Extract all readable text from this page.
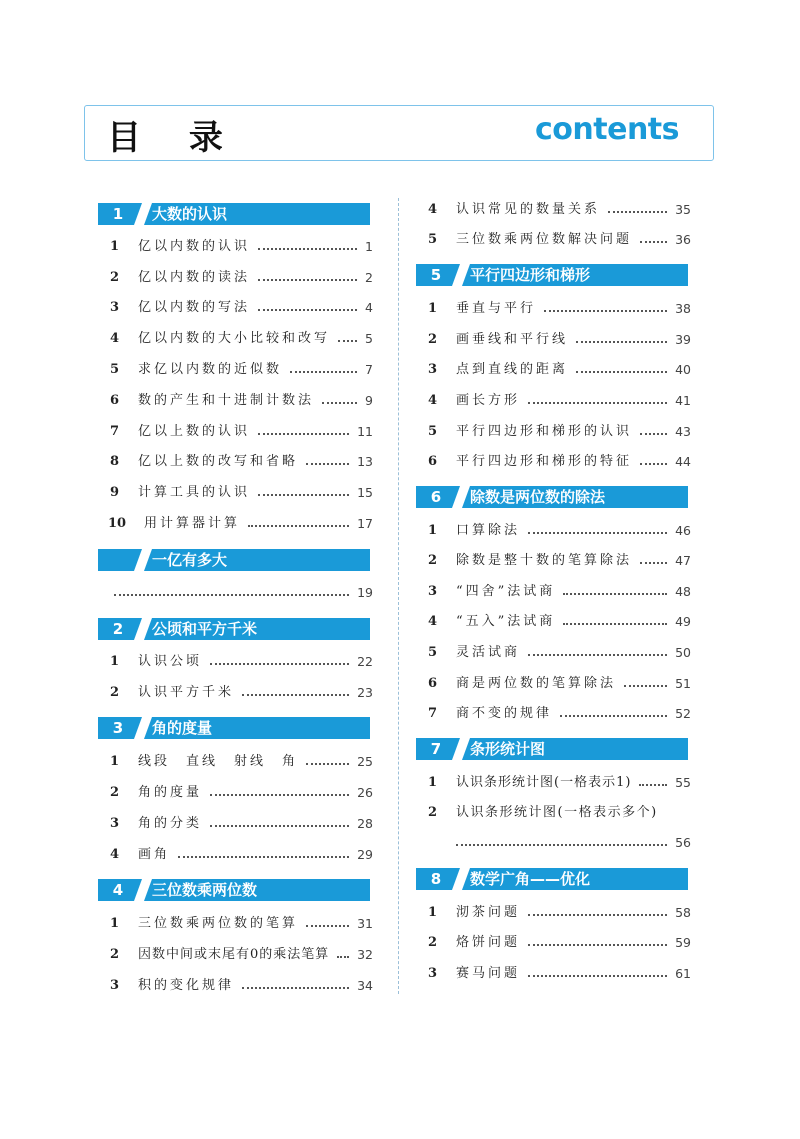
目 录	contents
1	大数的认识
1 亿以内数的认识	1
2 亿以内数的读法	2
3 亿以内数的写法	4
4 亿以内数的大小比较和改写	5
5 求亿以内数的近似数	7
6 数的产生和十进制计数法	9
7 亿以上数的认识	11
8 亿以上数的改写和省略	13
9 计算工具的认识	15
10 用计算器计算	17
一亿有多大
19
2	公顷和平方千米
1 认识公顷	22
2 认识平方千米	23
3	角的度量
1 线段　直线　射线　角	25
2 角的度量	26
3 角的分类	28
4 画角	29
4	三位数乘两位数
1 三位数乘两位数的笔算	31
2 因数中间或末尾有0的乘法笔算 32
3 积的变化规律	34
4 认识常见的数量关系	35
5 三位数乘两位数解决问题	36
5	平行四边形和梯形
1 垂直与平行	38
2 画垂线和平行线	39
3 点到直线的距离	40
4 画长方形	41
5 平行四边形和梯形的认识	43
6 平行四边形和梯形的特征	44
6	除数是两位数的除法
1 口算除法	46
2 除数是整十数的笔算除法	47
3 “四舍”法试商	48
4 “五入”法试商	49
5 灵活试商	50
6 商是两位数的笔算除法	51
7 商不变的规律	52
7	条形统计图
1 认识条形统计图(一格表示1)	55
2 认识条形统计图(一格表示多个)
56
8	数学广角——优化
1 沏茶问题	58
2 烙饼问题	59
3 赛马问题	61
